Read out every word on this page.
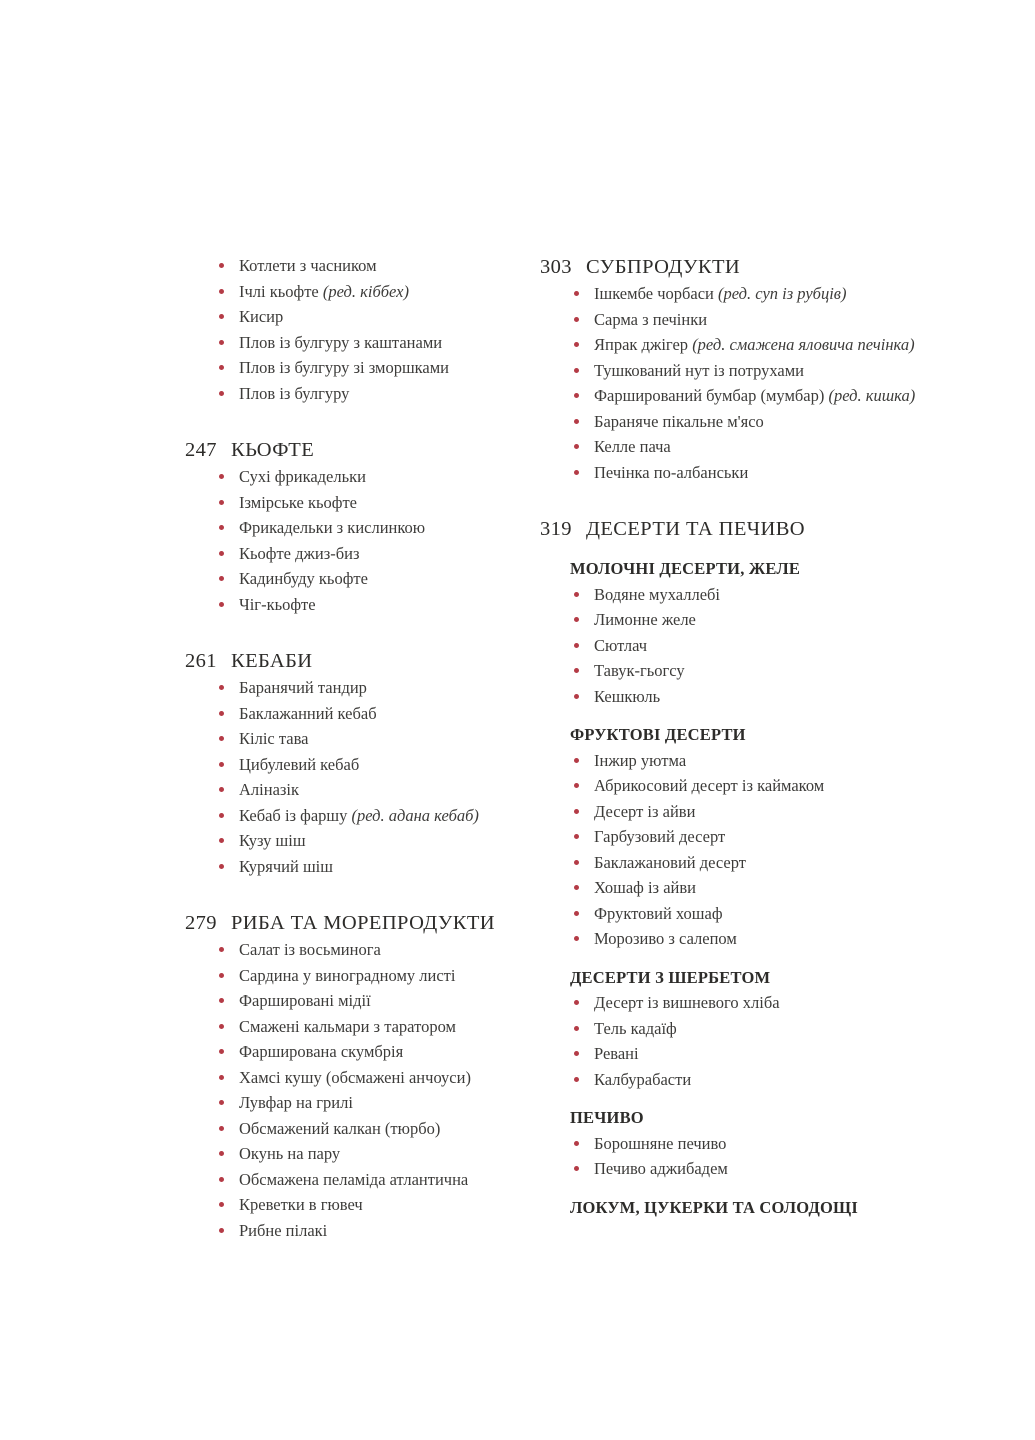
Котлети з часником
Ічлі кьофте (ред. кіббех)
Кисир
Плов із булгуру з каштанами
Плов із булгуру зі зморшками
Плов із булгуру
247 КЬОФТЕ
Сухі фрикадельки
Ізмірське кьофте
Фрикадельки з кислинкою
Кьофте джиз-биз
Кадинбуду кьофте
Чіг-кьофте
261 КЕБАБИ
Баранячий тандир
Баклажанний кебаб
Кіліс тава
Цибулевий кебаб
Аліназік
Кебаб із фаршу (ред. адана кебаб)
Кузу шіш
Курячий шіш
279 РИБА ТА МОРЕПРОДУКТИ
Салат із восьминога
Сардина у виноградному листі
Фаршировані мідії
Смажені кальмари з таратором
Фарширована скумбрія
Хамсі кушу (обсмажені анчоуси)
Лувфар на грилі
Обсмажений калкан (тюрбо)
Окунь на пару
Обсмажена пеламіда атлантична
Креветки в гювеч
Рибне пілакі
303 СУБПРОДУКТИ
Ішкембе чорбаси (ред. суп із рубців)
Сарма з печінки
Япрак джігер (ред. смажена яловича печінка)
Тушкований нут із потрухами
Фарширований бумбар (мумбар) (ред. кишка)
Бараняче пікальне м'ясо
Келле пача
Печінка по-албанськи
319 ДЕСЕРТИ ТА ПЕЧИВО
МОЛОЧНІ ДЕСЕРТИ, ЖЕЛЕ
Водяне мухаллебі
Лимонне желе
Сютлач
Тавук-гьогсу
Кешкюль
ФРУКТОВІ ДЕСЕРТИ
Інжир уютма
Абрикосовий десерт із каймаком
Десерт із айви
Гарбузовий десерт
Баклажановий десерт
Хошаф із айви
Фруктовий хошаф
Морозиво з салепом
ДЕСЕРТИ З ШЕРБЕТОМ
Десерт із вишневого хліба
Тель кадаїф
Ревані
Калбурабасти
ПЕЧИВО
Борошняне печиво
Печиво аджибадем
ЛОКУМ, ЦУКЕРКИ ТА СОЛОДОЩІ
